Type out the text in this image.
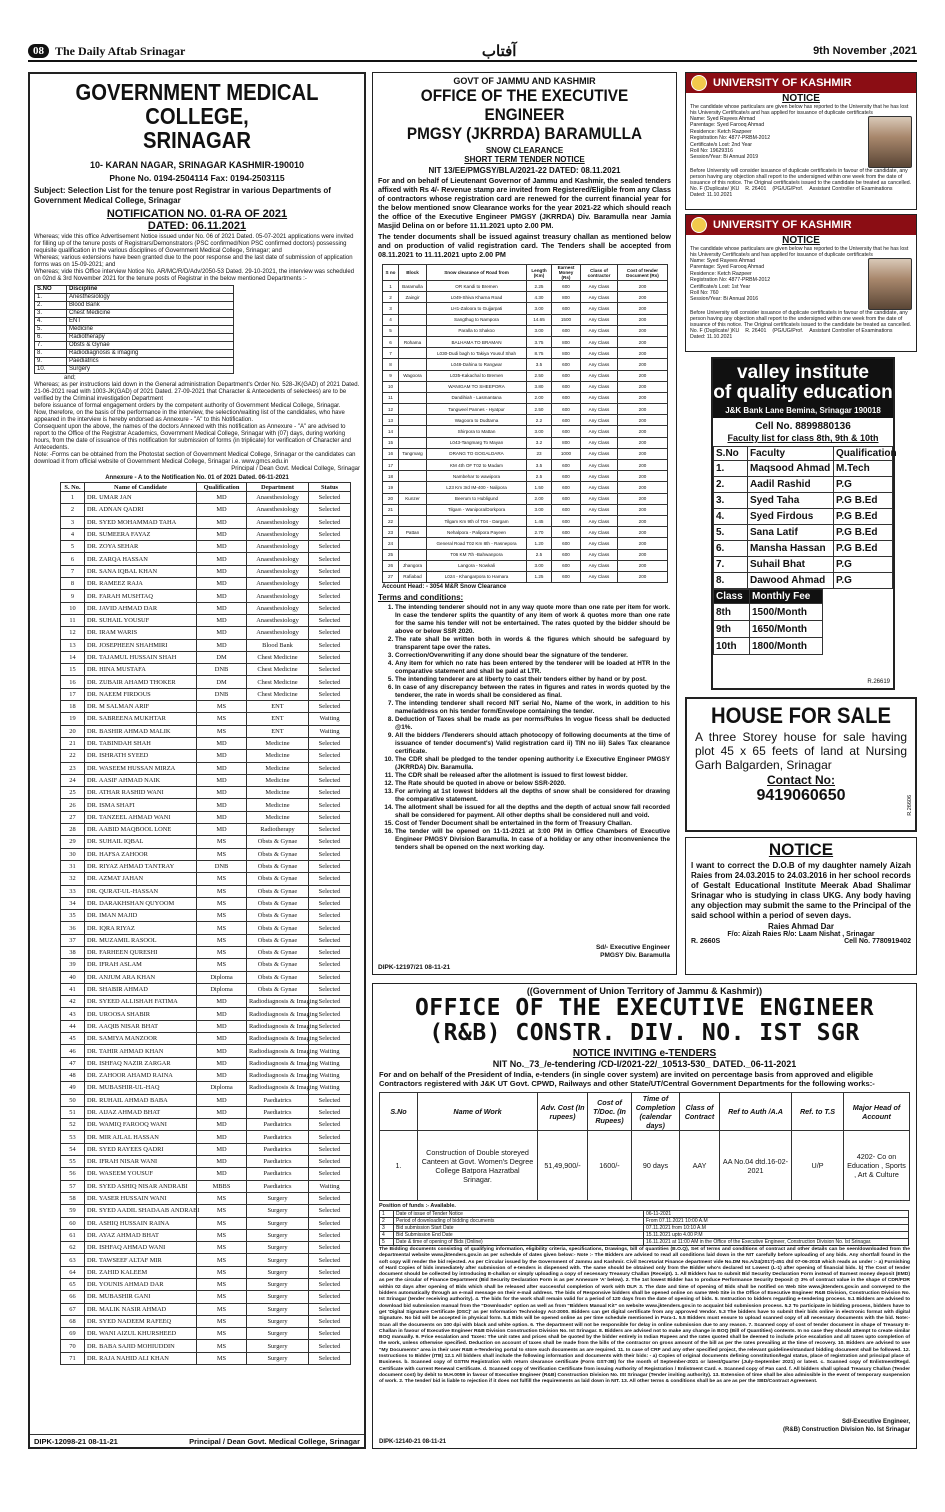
08 The Daily Aftab Srinagar	آفتاب	9th November ,2021
GOVERNMENT MEDICAL COLLEGE,
SRINAGAR
10- KARAN NAGAR, SRINAGAR KASHMIR-190010
Phone No. 0194-2504114 Fax: 0194-2503115
Subject: Selection List for the tenure post Registrar in various Departments of Government Medical College, Srinagar
NOTIFICATION NO. 01-RA OF 2021
DATED: 06.11.2021

Whereas; vide this office Advertisement Notice issued under No. 06 of 2021 Dated. 05-07-2021 applications were invited for filling up of the tenure posts of Registrars/Demonstrators (PSC confirmed/Non PSC confirmed doctors) possessing requisite qualification in the various disciplines of Government Medical College, Srinagar; and

Whereas; various extensions have been granted due to the poor response and the last date of submission of application forms was on 15-09-2021; and

Whereas; vide this Office interview Notice No. AR/MC/R/D/Adv/2050-53 Dated. 29-10-2021, the interview was scheduled on 02nd & 3rd November 2021 for the tenure posts of Registrar in the below mentioned Departments :-

S.NO	Discipline
1.	Anesthesiology
2.	Blood Bank
3.	Chest Medicine
4.	ENT
5.	Medicine
6.	Radiotherapy
7.	Obsts & Gynae
8.	Radiodiagnosis & imaging
9.	Paediatrics
10.	Surgery

and;

Whereas; as per instructions laid down in the General administration Department's Order No. 528-JK(GAD) of 2021 Dated. 21-06-2021 read with 1003-JK(GAD) of 2021 Dated. 27-09-2021 that Character & Antecedents of selectees) are to be verified by the Criminal investigation Department

before issuance of formal engagement orders by the competent authority of Government Medical College, Srinagar.

Now, therefore, on the basis of the performance in the interview, the selection/waiting list of the candidates, who have appeared in the interview is hereby endorsed as Annexure - "A" to this Notification.

Consequent upon the above, the names of the doctors Annexed with this notification as Annexure - "A" are advised to report to the Office of the Registrar Academics, Government Medical College, Srinagar with (07) days, during working hours, from the date of issuance of this notification for submission of forms (in triplicate) for verification of Character and Antecedents.

Note: -Forms can be obtained from the Photostat section of Government Medical College, Srinagar or the candidates can download it from official website of Government Medical College, Srinagar i.e. www.gmcs.edu.in

Principal / Dean Govt. Medical College, Srinagar

Annexure - A to the Notification No. 01 of 2021 Dated. 06-11-2021
S. No.	Name of Candidate	Qualification	Department	Status
1	DR. UMAR JAN	MD	Anaesthesiology	Selected
2	DR. ADNAN QADRI	MD	Anaesthesiology	Selected
3	DR. SYED MOHAMMAD TAHA	MD	Anaesthesiology	Selected
4	DR. SUMEERA FAYAZ	MD	Anaesthesiology	Selected
5	DR. ZOYA SEHAR	MD	Anaesthesiology	Selected
6	DR. ZARQA HASSAN	MD	Anaesthesiology	Selected
7	DR. SANA IQBAL KHAN	MD	Anaesthesiology	Selected
8	DR. RAMEEZ RAJA	MD	Anaesthesiology	Selected
9	DR. FARAH MUSHTAQ	MD	Anaesthesiology	Selected
10	DR. JAVID AHMAD DAR	MD	Anaesthesiology	Selected
11	DR. SUHAIL YOUSUF	MD	Anaesthesiology	Selected
12	DR. IRAM WARIS	MD	Anaesthesiology	Selected
13	DR. JOSEPHEEN SHAHMIRI	MD	Blood Bank	Selected
14	DR. TAJAMUL HUSSAIN SHAH	DM	Chest Medicine	Selected
15	DR. HINA MUSTAFA	DNB	Chest Medicine	Selected
16	DR. ZUBAIR AHAMD THOKER	DM	Chest Medicine	Selected
17	DR. NAEEM FIRDOUS	DNB	Chest Medicine	Selected
18	DR. M SALMAN ARIF	MS	ENT	Selected
19	DR. SABREENA MUKHTAR	MS	ENT	Waiting
20	DR. BASHIR AHMAD MALIK	MS	ENT	Waiting
21	DR. TABINDAH SHAH	MD	Medicine	Selected
22	DR. ISHRATH SYEED	MD	Medicine	Selected
23	DR. WASEEM HUSSAN MIRZA	MD	Medicine	Selected
24	DR. AASIF AHMAD NAIK	MD	Medicine	Selected
25	DR. ATHAR RASHID WANI	MD	Medicine	Selected
26	DR. ISMA SHAFI	MD	Medicine	Selected
27	DR. TANZEEL AHMAD WANI	MD	Medicine	Selected
28	DR. AABID MAQBOOL LONE	MD	Radiotherapy	Selected
29	DR. SUHAIL IQBAL	MS	Obsts & Gynae	Selected
30	DR. HAFSA ZAHOOR	MS	Obsts & Gynae	Selected
31	DR. RIYAZ AHMAD TANTRAY	DNB	Obsts & Gynae	Selected
32	DR. AZMAT JAHAN	MS	Obsts & Gynae	Selected
33	DR. QURAT-UL-HASSAN	MS	Obsts & Gynae	Selected
34	DR. DARAKHSHAN QUYOOM	MS	Obsts & Gynae	Selected
35	DR. IMAN MAJID	MS	Obsts & Gynae	Selected
36	DR. IQRA RIYAZ	MS	Obsts & Gynae	Selected
37	DR. MUZAMIL RASOOL	MS	Obsts & Gynae	Selected
38	DR. FARHEEN QURESHI	MS	Obsts & Gynae	Selected
39	DR. IFRAH ASLAM	MS	Obsts & Gynae	Selected
40	DR. ANJUM ARA KHAN	Diploma	Obsts & Gynae	Selected
41	DR. SHABIR AHMAD	Diploma	Obsts & Gynae	Selected
42	DR. SYEED ALLISHAH FATIMA	MD	Radiodiagnosis & Imaging	Selected
43	DR. UROOSA SHABIR	MD	Radiodiagnosis & Imaging	Selected
44	DR. AAQIB NISAR BHAT	MD	Radiodiagnosis & Imaging	Selected
45	DR. SAMIYA MANZOOR	MD	Radiodiagnosis & Imaging	Selected
46	DR. TAHIR AHMAD KHAN	MD	Radiodiagnosis & Imaging	Waiting
47	DR. ISHFAQ NAZIR ZARGAR	MD	Radiodiagnosis & Imaging	Waiting
48	DR. ZAHOOR AHAMD RAINA	MD	Radiodiagnosis & Imaging	Waiting
49	DR. MUBASHIR-UL-HAQ	Diploma	Radiodiagnosis & Imaging	Waiting
50	DR. RUHAIL AHMAD BABA	MD	Paediatrics	Selected
51	DR. AIJAZ AHMAD BHAT	MD	Paediatrics	Selected
52	DR. WAMIQ FAROOQ WANI	MD	Paediatrics	Selected
53	DR. MIR AJLAL HASSAN	MD	Paediatrics	Selected
54	DR. SYED RAYEES QADRI	MD	Paediatrics	Selected
55	DR. IFRAH NISAR WANI	MD	Paediatrics	Selected
56	DR. WASEEM YOUSUF	MD	Paediatrics	Selected
57	DR. SYED ASHIQ NISAR ANDRABI	MBBS	Paediatrics	Waiting
58	DR. YASER HUSSAIN WANI	MS	Surgery	Selected
59	DR. SYED AADIL SHADAAB ANDRABI	MS	Surgery	Selected
60	DR. ASHIQ HUSSAIN RAINA	MS	Surgery	Selected
61	DR. AYAZ AHMAD BHAT	MS	Surgery	Selected
62	DR. ISHFAQ AHMAD WANI	MS	Surgery	Selected
63	DR. TAWSEEF ALTAF MIR	MS	Surgery	Selected
64	DR. ZAHID KALEEM	MS	Surgery	Selected
65	DR. YOUNIS AHMAD DAR	MS	Surgery	Selected
66	DR. MUBASHIR GANI	MS	Surgery	Selected
67	DR. MALIK NASIR AHMAD	MS	Surgery	Selected
68	DR. SYED NADEEM RAFEEQ	MS	Surgery	Selected
69	DR. WANI AIZUL KHURSHEED	MS	Surgery	Selected
70	DR. BABA SAJID MOHIUDDIN	MS	Surgery	Selected
71	DR. RAJA NAHID ALI KHAN	MS	Surgery	Selected
DIPK-12098-21 08-11-21	Principal / Dean Govt. Medical College, Srinagar
GOVT OF JAMMU AND KASHMIR
OFFICE OF THE EXECUTIVE ENGINEER
PMGSY (JKRRDA) BARAMULLA
SNOW CLEARANCE
SHORT TERM TENDER NOTICE
NIT 13/EE/PMGSY/BLA/2021-22 DATED: 08.11.2021

For and on behalf of Lieutenant Governor of Jammu and Kashmir, the sealed tenders affixed with Rs 4/- Revenue stamp are invited from Registered/Eligible from any Class of contractors whose registration card are renewed for the current financial year for the below mentioned snow Clearance works for the year 2021-22 which should reach the office of the Executive Engineer PMGSY (JKRRDA) Div. Baramulla near Jamia Masjid Delina on or before 11.11.2021 upto 2.00 PM.

The tender documents shall be issued against treasury challan as mentioned below and on production of valid registration card. The Tenders shall be accepted from 08.11.2021 to 11.11.2021 upto 2.00 PM

S no	Block	Snow clearance of Road from	Length (Km)	Earnest Money (Rs)	Class of contractor	Cost of tender Document (Rs)
1	Baramulla	OR Kandi to Bremen	2.25	600	Any Class	200
2	Zaingir	L049-Shiva Kharna Road	4.30	800	Any Class	200
3		LH1-Zaloora to Gujjarpati	3.00	600	Any Class	200
4		Sangthug to Nampora	14.65	1500	Any Class	200
5		Paralla to Shakoo	3.00	600	Any Class	200
6	Rohama	BALHAMA TO BRAMAN	3.75	800	Any Class	200
7		L030-Dudi bagh to Takiya Yousuf Shah	8.75	800	Any Class	200
8		L048-Dahina to Rangwar	3.5	600	Any Class	200
9	Wagoora	L035-Kakachal to Bremen	2.50	600	Any Class	200
10		WANIGAM TO SHEEPORA	3.80	600	Any Class	200
11		Dandihiah - Lasmantana	2.00	600	Any Class	200
12		Tangweel Pannes - Hyatpur	2.50	600	Any Class	200
13		Wagoora to Dudtama	2.2	600	Any Class	200
14		Shirpora to Mattan	3.00	600	Any Class	200
15		L043-Tangmarg To Mayan	3.2	800	Any Class	200
16	Tangmarg	DRANG TO GOGALDARA	23	1000	Any Class	200
17		KM 4th OF T02 to Madam	3.5	600	Any Class	200
18		Nambehar to wawipora	2.5	600	Any Class	200
19		L23 Km 3rd IM-400 - Nalipora	1.50	600	Any Class	200
20	Kunzer	Beerum to Hubligund	2.00	600	Any Class	200
21		Tilgam - Wanipora/Dorkpora	3.00	600	Any Class	200
22		Tilgam Km 9th of T04 - Dargam	1.45	600	Any Class	200
23	Pattan	Nehalpora - Palipora Payeen	2.70	600	Any Class	200
24		General Road T02 Km 8th - Rasnepora	1.20	600	Any Class	200
25		T06 KM 7th -Bahwanpora	2.5	600	Any Class	200
26	Jhangora	Langora - Nowkali	3.00	600	Any Class	200
27	Rafiabad	L024 - Khangarpora to Hamara	1.25	600	Any Class	200
Account Head: - 3054 M&R Snow Clearance
Terms and conditions:
1. The intending tenderer should not in any way quote more than one rate per item for work. In case the tenderer splits the quantity of any item of work & quotes more than one rate for the same his tender will not be entertained. The rates quoted by the bidder should be above or below SSR 2020.
2. The rate shall be written both in words & the figures which should be safeguard by transparent tape over the rates.
3. Correction/Overwriting if any done should bear the signature of the tenderer.
4. Any item for which no rate has been entered by the tenderer will be loaded at HTR In the comparative statement and shall be paid at LTR.
5. The intending tenderer are at liberty to cast their tenders either by hand or by post.
6. In case of any discrepancy between the rates in figures and rates in words quoted by the tenderer, the rate in words shall be considered as final.
7. The intending tenderer shall record NIT serial No, Name of the work, in addition to his name/address on his tender form/Envelope containing the tender.
8. Deduction of Taxes shall be made as per norms/Rules In vogue ficess shall be deducted @1%.
9. All the bidders /Tenderers should attach photocopy of following documents at the time of issuance of tender document's) Valid registration card ii) TIN no iii) Sales Tax clearance certificate.
10. The CDR shall be pledged to the tender opening authority i.e Executive Engineer PMGSY (JKRRDA) Div. Baramulla.
11. The CDR shall be released after the allotment is issued to first lowest bidder.
12. The Rate should be quoted in above or below SSR-2020.
13. For arriving at 1st lowest bidders all the depths of snow shall be considered for drawing the comparative statement.
14. The allotment shall be issued for all the depths and the depth of actual snow fall recorded shall be considered for payment. All other depths shall be considered null and void.
15. Cost of Tender Document shall be entertained in the form of Treasury Challan.
16. The tender will be opened on 11-11-2021 at 3:00 PM in Office Chambers of Executive Engineer PMGSY Division Baramulla. In case of a holiday or any other inconvenience the tenders shall be opened on the next working day.
Sd/- Executive Engineer
PMGSY Div. Baramulla
DIPK-12197/21 08-11-21
UNIVERSITY OF KASHMIR
NOTICE

The candidate whose particulars are given below has reported to the University that he has lost his University Certificate/s and has applied for issuance of duplicate certificate/s

Name: Syed Rayees Ahmad
Parentage: Syed Farooq Ahmad
Residence: Ketch Razpeer
Registration No: 4877-PRBM-2012
Certificate/s Lost: 2nd Year
Roll No: 19629316
Session/Year: Bi Annual 2019

Before University will consider issuance of duplicate certificate/s in favour of the candidate, any person having any objection shall report to the undersigned within one week from the date of issuance of this notice. The Original certificate/s issued to the candidate be treated as cancelled.

No. F (Duplicate/ )KU R. 26401 (PG/UG/Prof. Assistant Controller of Examinations
Dated: 11.10.2021
UNIVERSITY OF KASHMIR
NOTICE

The candidate whose particulars are given below has reported to the University that he has lost his University Certificate/s and has applied for issuance of duplicate certificate/s

Name: Syed Rayees Ahmad
Parentage: Syed Farooq Ahmad
Residence: Ketch Razpeer
Registration No: 4877-PRBM-2012
Certificate/s Lost: 1st Year
Roll No: 760
Session/Year: Bi Annual 2016

Before University will consider issuance of duplicate certificate/s in favour of the candidate, any person having any objection shall report to the undersigned within one week from the date of issuance of this notice. The Original certificate/s issued to the candidate be treated as cancelled.

No. F (Duplicate/ )KU R. 26401 (PG/UG/Prof. Assistant Controller of Examinations
Dated: 11.10.2021
valley institute
of quality education
J&K Bank Lane Bemina, Srinagar 190018
Cell No. 8899880136
Faculty list for class 8th, 9th & 10th
S.No	Faculty	Qualification
1.	Maqsood Ahmad	M.Tech
2.	Aadil Rashid	P.G
3.	Syed Taha	P.G B.Ed
4.	Syed Firdous	P.G B.Ed
5.	Sana Latif	P.G B.Ed
6.	Mansha Hassan	P.G B.Ed
7.	Suhail Bhat	P.G
8.	Dawood Ahmad	P.G
Class	Monthly Fee
8th	1500/Month
9th	1650/Month
10th	1800/Month
R.26619
HOUSE FOR SALE

A three Storey house for sale having plot 45 x 65 feets of land at Nursing Garh Balgarden, Srinagar

Contact No:
9419060650	R.26606
NOTICE

I want to correct the D.O.B of my daughter namely Aizah Raies from 24.03.2015 to 24.03.2016 in her school records of Gestalt Educational Institute Meerak Abad Shalimar Srinagar who is studying in class UKG. Any body having any objection may submit the same to the Principal of the said school within a period of seven days.

Raies Ahmad Dar
F/o: Aizah Raies R/o: Laam Nishat , Srinagar
R. 2660S	Cell No. 7780919402
((Government of Union Territory of Jammu & Kashmir))
OFFICE OF THE EXECUTIVE ENGINEER
(R&B) CONSTR. DIV. NO. IST SGR
NOTICE INVITING e-TENDERS
NIT No._73_/e-tendering /CD-I/2021-22/_10513-530_ DATED._06-11-2021

For and on behalf of the President of India, e-tenders (in single cover system) are invited on percentage basis from approved and eligible Contractors registered with J&K UT Govt. CPWD, Railways and other State/UT/Central Government Departments for the following works:-

S.No	Name of Work	Adv. Cost (In rupees)	Cost of T/Doc. (In Rupees)	Time of Completion (calendar days)	Class of Contract	Ref to Auth /A.A	Ref. to T.S	Major Head of Account
1.	Construction of Double storeyed Canteen at Govt. Women's Degree College Batpora Hazratbal Srinagar.	51,49,900/-	1600/-	90 days	AAY	AA No.04 dtd.16-02-2021	U/P	4202- Co on Education , Sports , Art & Culture
Position of funds :- Available.
1	Date of issue of Tender Notice	06-11-2021
2	Period of downloading of bidding documents	From 07.11.2021 10:00 A.M
3	Bid submission Start Date	07.11.2021 from 10:10 A.M
4	Bid Submission End Date	15.11.2021 upto 4.00 P.M
5	Date & time of opening of Bids (Online)	16.11.2021 at 11:00 AM in the Office of the Executive Engineer, Construction Division No. Ist Srinagar.

The Bidding documents consisting of qualifying information, eligibility criteria, specifications, Drawings, bill of quantities (B.O.Q), Set of terms and conditions of contract and other details can be seen/downloaded from the departmental website www.jktenders.gov.in as per schedule of dates given below:- Note :- The Bidders are advised to read all conditions laid down in the NIT carefully before uploading of any bids. Any shortfall found in the soft copy will render the bid rejected. As per Circular issued by the Government of Jammu and Kashmir. Civil Secretariat Finance department vide No.DM No.A/24(2017)-451 dtd 07-06-2018 which reads as under :- a) Furnishing of Hard Copies of bids immediately after submission of e-tenders is dispensed with. The same should be obtained only from the Bidder who's declared Ist Lowest (L-1) after opening of financial bids. b) The Cost of tender document should be collected by introducing E-challan or simply uploading a copy of necessary Treasury Challan (Receipt). 1. All Bidders has to submit Bid Security Declaration Form instead of Earnest money deposit (EMD) as per the circular of Finance Department (Bid Security Declaration Form is as per Annexure 'A' below). 2. The 1st lowest Bidder has to produce Performance Security Deposit @ 3% of contract value in the shape of CDR/FDR within 02 days after opening of Bids which shall be released after successful completion of work with DLP. 3. The date and time of opening of Bids shall be notified on Web Site www.jktenders.gov.in and conveyed to the bidders automatically through an e-mail message on their e-mail address. The bids of Responsive bidders shall be opened online on same Web Site in the Office of Executive Engineer R&B Division, Construction Division No. Ist Srinagar (tender receiving authority). 4. The bids for the work shall remain valid for a period of 120 days from the date of opening of bids. 5. Instruction to bidders regarding e-tendering process. 5.1 Bidders are advised to download bid submission manual from the "Downloads" option as well as from "Bidders Manual Kit" on website www.jktenders.gov.in to acquaint bid submission process. 5.2 To participate in bidding process, bidders have to get 'Digital Signature Certificate (DSC)' as per Information Technology Act-2000. Bidders can get digital certificate from any approved Vendor. 5.3 The bidders have to submit their bids online in electronic format with digital Signature. No bid will be accepted in physical form. 5.4 Bids will be opened online as per time schedule mentioned in Para-1. 5.5 Bidders must ensure to upload scanned copy of all necessary documents with the bid. Note:- Scan all the documents on 100 dpi with black and white option. 6. The department will not be responsible for delay in online submission due to any reason. 7. Scanned copy of cost of tender document in shape of Treasury E-Challan in favour of Executive Engineer R&B Division Construction Division No. Ist Srinagar. 8. Bidders are advised not to make any change in BOQ (Bill of Quantities) contents. In no case they should attempt to create similar BOQ manually. 9. Price escalation and Taxes: The unit rates and prices shall be quoted by the bidder entirely in Indian Rupees and the rates quoted shall be deemed to include price escalation and all taxes upto completion of the work, unless otherwise specified. Deduction on account of taxes shall be made from the bills of the contractor on gross amount of the bill as per the rates prevailing at the time of recovery. 10. Bidders are advised to use "My Documents" area in their user R&B e-Tendering portal to store such documents as are required. 11. In case of CRF and any other specified project, the relevant guidelines/standard bidding document shall be followed. 12. Instructions to Bidder (ITB) 12.1 All bidders shall include the following information and documents with their bids: - a) Copies of original documents defining constitution/legal status, place of registration and principal place of Business. b. Scanned copy of GSTIN Registration with return clearance certificate (Form GST-3B) for the month of September-2021 or latest/Quarter (July-September 2021) or latest. c. Scanned copy of Enlistment/Regd. Certificate with current Renewal Certificate. d. Scanned copy of Verification Certificate from issuing Authority of Registration / Enlistment Card. e. Scanned copy of Pan card. f. All bidders shall upload Treasury Challan (Tender document cost) by debit to M.H.0059 in favour of Executive Engineer (R&B) Construction Division No. ISt Srinagar (Tender inviting authority). 13. Extension of time shall be also admissible in the event of temporary suspension of work. 2. The tender/ bid is liable to rejection if it does not fulfill the requirements as laid down in NIT. 13. All other terms & conditions shall be as are as per the SBD/Contract Agreement.

Sd/-Executive Engineer,
(R&B) Construction Division No. Ist Srinagar
DIPK-12140-21 08-11-21
